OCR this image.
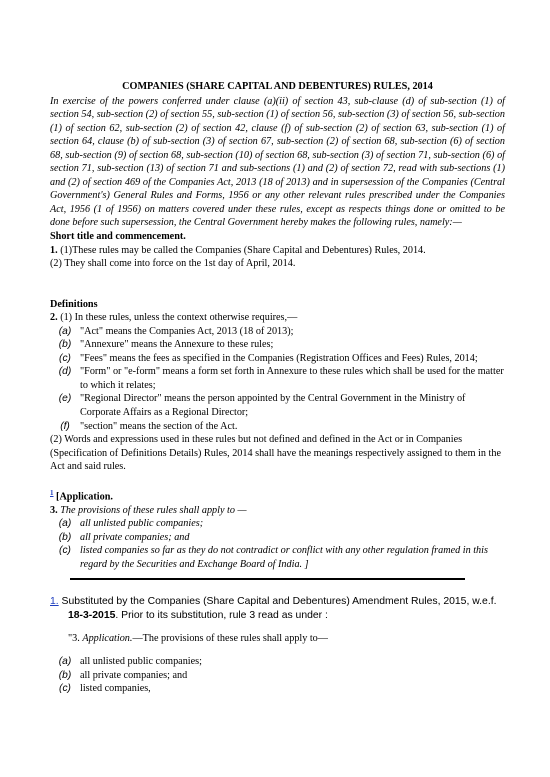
COMPANIES (SHARE CAPITAL AND DEBENTURES) RULES, 2014

In exercise of the powers conferred under clause (a)(ii) of section 43, sub-clause (d) of sub-section (1) of section 54, sub-section (2) of section 55, sub-section (1) of section 56, sub-section (3) of section 56, sub-section (1) of section 62, sub-section (2) of section 42, clause (f) of sub-section (2) of section 63, sub-section (1) of section 64, clause (b) of sub-section (3) of section 67, sub-section (2) of section 68, sub-section (6) of section 68, sub-section (9) of section 68, sub-section (10) of section 68, sub-section (3) of section 71, sub-section (6) of section 71, sub-section (13) of section 71 and sub-sections (1) and (2) of section 72, read with sub-sections (1) and (2) of section 469 of the Companies Act, 2013 (18 of 2013) and in supersession of the Companies (Central Government's) General Rules and Forms, 1956 or any other relevant rules prescribed under the Companies Act, 1956 (1 of 1956) on matters covered under these rules, except as respects things done or omitted to be done before such supersession, the Central Government hereby makes the following rules, namely:—

Short title and commencement.

1. (1)These rules may be called the Companies (Share Capital and Debentures) Rules, 2014.

(2) They shall come into force on the 1st day of April, 2014.

Definitions

2. (1) In these rules, unless the context otherwise requires,—

(a) "Act" means the Companies Act, 2013 (18 of 2013);
(b) "Annexure" means the Annexure to these rules;
(c) "Fees" means the fees as specified in the Companies (Registration Offices and Fees) Rules, 2014;
(d) "Form" or "e-form" means a form set forth in Annexure to these rules which shall be used for the matter to which it relates;
(e) "Regional Director" means the person appointed by the Central Government in the Ministry of Corporate Affairs as a Regional Director;
(f) "section" means the section of the Act.

(2) Words and expressions used in these rules but not defined and defined in the Act or in Companies (Specification of Definitions Details) Rules, 2014 shall have the meanings respectively assigned to them in the Act and said rules.

$^1$ [Application.

3. The provisions of these rules shall apply to —

(a) all unlisted public companies;
(b) all private companies; and
(c) listed companies so far as they do not contradict or conflict with any other regulation framed in this regard by the Securities and Exchange Board of India. ]

1. Substituted by the Companies (Share Capital and Debentures) Amendment Rules, 2015, w.e.f. 18-3-2015. Prior to its substitution, rule 3 read as under :

"3. Application.—The provisions of these rules shall apply to—

(a) all unlisted public companies;
(b) all private companies; and
(c) listed companies,
